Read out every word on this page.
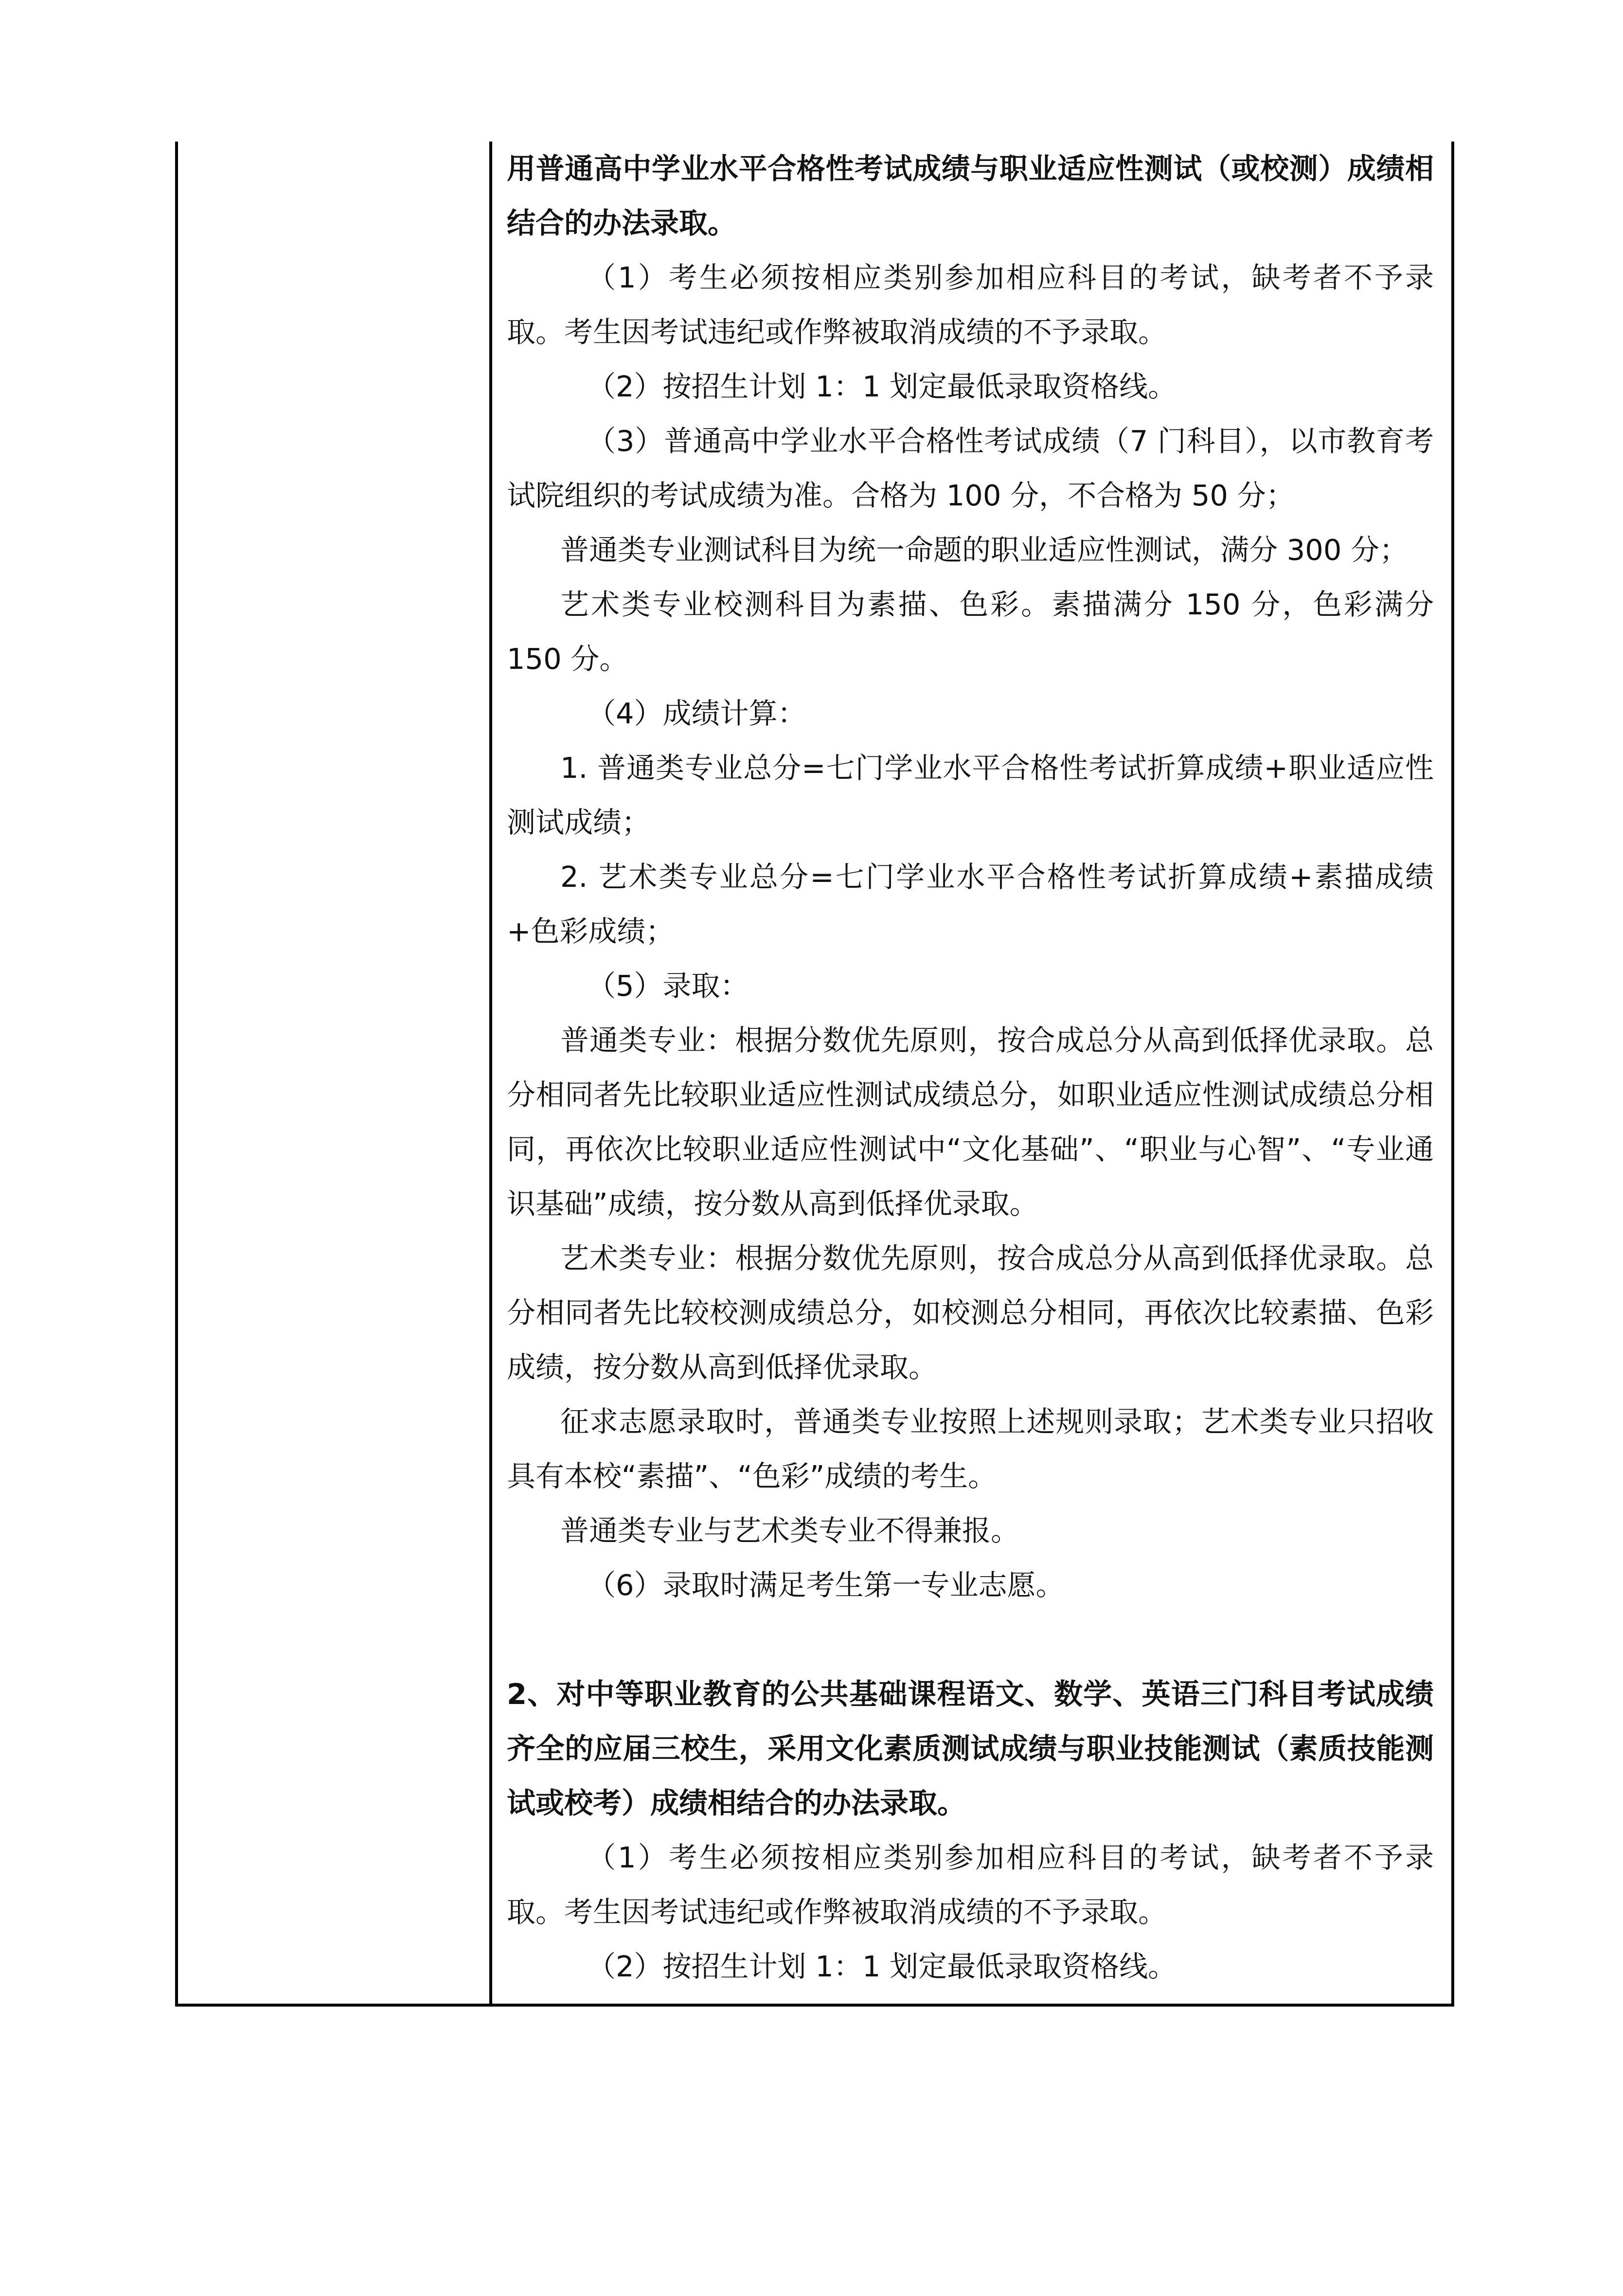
用普通高中学业水平合格性考试成绩与职业适应性测试（或校测）成绩相结合的办法录取。

（1）考生必须按相应类别参加相应科目的考试，缺考者不予录取。考生因考试违纪或作弊被取消成绩的不予录取。

（2）按招生计划 1：1 划定最低录取资格线。

（3）普通高中学业水平合格性考试成绩（7 门科目），以市教育考试院组织的考试成绩为准。合格为 100 分，不合格为 50 分；

普通类专业测试科目为统一命题的职业适应性测试，满分 300 分；

艺术类专业校测科目为素描、色彩。素描满分 150 分，色彩满分 150 分。

（4）成绩计算：

1. 普通类专业总分=七门学业水平合格性考试折算成绩+职业适应性测试成绩；

2. 艺术类专业总分=七门学业水平合格性考试折算成绩+素描成绩+色彩成绩；

（5）录取：

普通类专业：根据分数优先原则，按合成总分从高到低择优录取。总分相同者先比较职业适应性测试成绩总分，如职业适应性测试成绩总分相同，再依次比较职业适应性测试中“文化基础”、“职业与心智”、“专业通识基础”成绩，按分数从高到低择优录取。

艺术类专业：根据分数优先原则，按合成总分从高到低择优录取。总分相同者先比较校测成绩总分，如校测总分相同，再依次比较素描、色彩成绩，按分数从高到低择优录取。

征求志愿录取时，普通类专业按照上述规则录取；艺术类专业只招收具有本校“素描”、“色彩”成绩的考生。

普通类专业与艺术类专业不得兼报。

（6）录取时满足考生第一专业志愿。

2、对中等职业教育的公共基础课程语文、数学、英语三门科目考试成绩齐全的应届三校生，采用文化素质测试成绩与职业技能测试（素质技能测试或校考）成绩相结合的办法录取。

（1）考生必须按相应类别参加相应科目的考试，缺考者不予录取。考生因考试违纪或作弊被取消成绩的不予录取。

（2）按招生计划 1：1 划定最低录取资格线。
